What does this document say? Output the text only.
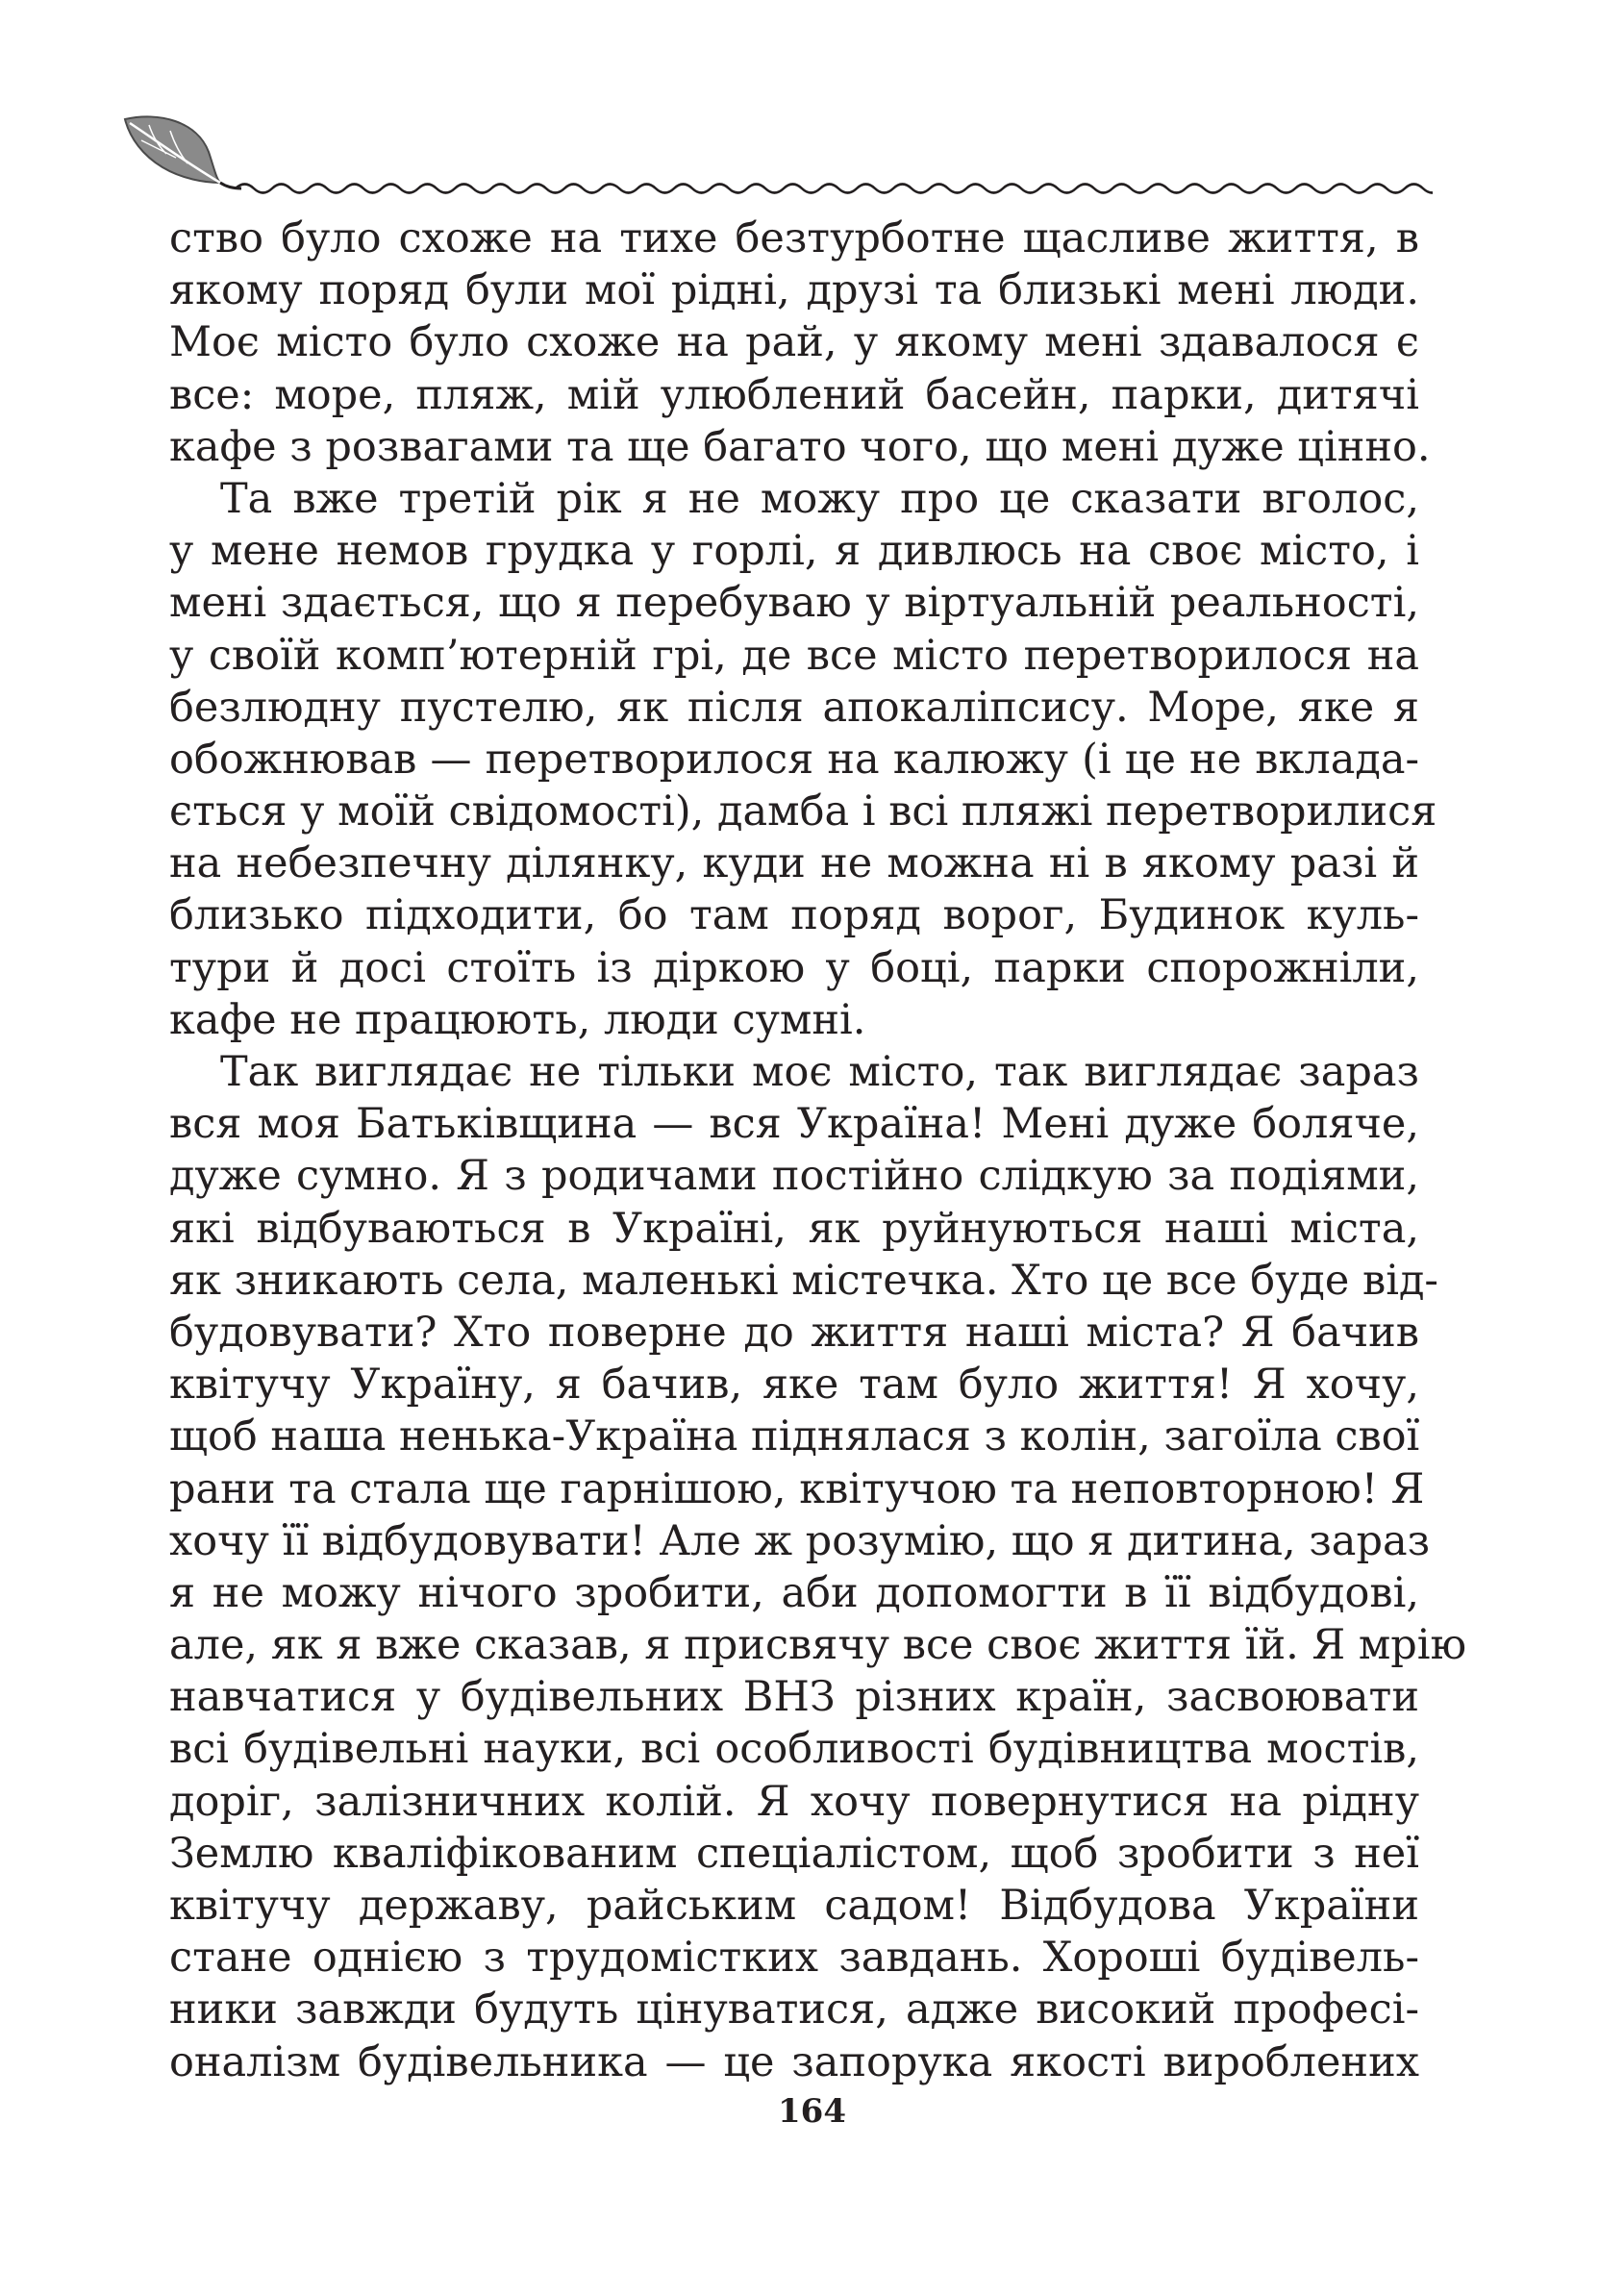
ство було схоже на тихе безтурботне щасливе життя, в
якому поряд були мої рідні, друзі та близькі мені люди.
Моє місто було схоже на рай, у якому мені здавалося є
все: море, пляж, мій улюблений басейн, парки, дитячі
кафе з розвагами та ще багато чого, що мені дуже цінно.
Та вже третій рік я не можу про це сказати вголос,
у мене немов грудка у горлі, я дивлюсь на своє місто, і
мені здається, що я перебуваю у віртуальній реальності,
у своїй комп’ютерній грі, де все місто перетворилося на
безлюдну пустелю, як після апокаліпсису. Море, яке я
обожнював — перетворилося на калюжу (і це не вклада-
ється у моїй свідомості), дамба і всі пляжі перетворилися
на небезпечну ділянку, куди не можна ні в якому разі й
близько підходити, бо там поряд ворог, Будинок куль-
тури й досі стоїть із діркою у боці, парки спорожніли,
кафе не працюють, люди сумні.
Так виглядає не тільки моє місто, так виглядає зараз
вся моя Батьківщина — вся Україна! Мені дуже боляче,
дуже сумно. Я з родичами постійно слідкую за подіями,
які відбуваються в Україні, як руйнуються наші міста,
як зникають села, маленькі містечка. Хто це все буде від-
будовувати? Хто поверне до життя наші міста? Я бачив
квітучу Україну, я бачив, яке там було життя! Я хочу,
щоб наша ненька-Україна піднялася з колін, загоїла свої
рани та стала ще гарнішою, квітучою та неповторною! Я
хочу її відбудовувати! Але ж розумію, що я дитина, зараз
я не можу нічого зробити, аби допомогти в її відбудові,
але, як я вже сказав, я присвячу все своє життя їй. Я мрію
навчатися у будівельних ВНЗ різних країн, засвоювати
всі будівельні науки, всі особливості будівництва мостів,
доріг, залізничних колій. Я хочу повернутися на рідну
Землю кваліфікованим спеціалістом, щоб зробити з неї
квітучу державу, райським садом! Відбудова України
стане однією з трудомістких завдань. Хороші будівель-
ники завжди будуть цінуватися, адже високий професі-
оналізм будівельника — це запорука якості вироблених
164
